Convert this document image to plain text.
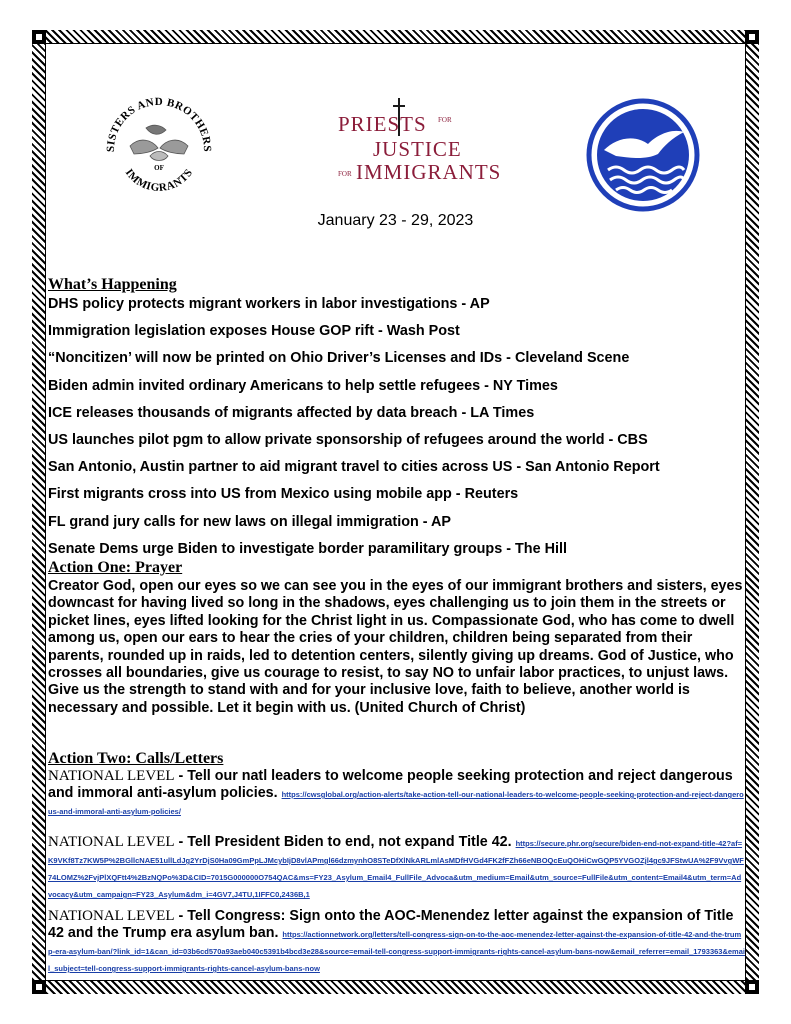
SISTERS AND BROTHERS
IMMIGRANTS
OF
PRIESTS FOR
JUSTICE
FOR IMMIGRANTS
January 23 - 29, 2023
What’s Happening
DHS policy protects migrant workers in labor investigations - AP
Immigration legislation exposes House GOP rift - Wash Post
“Noncitizen’ will now be printed on Ohio Driver’s Licenses and IDs - Cleveland Scene
Biden admin invited ordinary Americans to help settle refugees - NY Times
ICE releases thousands of migrants affected by data breach - LA Times
US launches pilot pgm to allow private sponsorship of refugees around the world - CBS
San Antonio, Austin partner to aid migrant travel to cities across US - San Antonio Report
First migrants cross into US from Mexico using mobile app - Reuters
FL grand jury calls for new laws on illegal immigration - AP
Senate Dems urge Biden to investigate border paramilitary groups - The Hill
Action One: Prayer

Creator God, open our eyes so we can see you in the eyes of our immigrant brothers and sisters, eyes downcast for having lived so long in the shadows, eyes challenging us to join them in the streets or picket lines, eyes lifted looking for the Christ light in us. Compassionate God, who has come to dwell among us, open our ears to hear the cries of your children, children being separated from their parents, rounded up in raids, led to detention centers, silently giving up dreams. God of Justice, who crosses all boundaries, give us courage to resist, to say NO to unfair labor practices, to unjust laws. Give us the strength to stand with and for your inclusive love, faith to believe, another world is necessary and possible. Let it begin with us. (United Church of Christ)

Action Two: Calls/Letters
NATIONAL LEVEL - Tell our natl leaders to welcome people seeking protection and reject dangerous and immoral anti-asylum policies. https://cwsglobal.org/action-alerts/take-action-tell-our-national-leaders-to-welcome-people-seeking-protection-and-reject-dangerous-and-immoral-anti-asylum-policies/
NATIONAL LEVEL - Tell President Biden to end, not expand Title 42. https://secure.phr.org/secure/biden-end-not-expand-title-42?af=K9VKf8Tz7KW5P%2BGllcNAE51ullLdJg2YrDjS0Ha09GmPpLJMcybIjD8vlAPmgl66dzmynhO8STeDfXlNkARLmlAsMDfHVGd4FK2fFZh66eNBOQcEuQOHiCwGQP5YVGOZjl4gc9JFStwUA%2F9VvgWF74LOMZ%2FvjPlXQFtt4%2BzNQPo%3D&CID=7015G000000O754QAC&ms=FY23_Asylum_Email4_FullFile_Advoca&utm_medium=Email&utm_source=FullFile&utm_content=Email4&utm_term=Advocacy&utm_campaign=FY23_Asylum&dm_i=4GV7,J4TU,1IFFC0,2436B,1
NATIONAL LEVEL - Tell Congress: Sign onto the AOC-Menendez letter against the expansion of Title 42 and the Trump era asylum ban. https://actionnetwork.org/letters/tell-congress-sign-on-to-the-aoc-menendez-letter-against-the-expansion-of-title-42-and-the-trump-era-asylum-ban/?link_id=1&can_id=03b6cd570a93aeb040c5391b4bcd3e28&source=email-tell-congress-support-immigrants-rights-cancel-asylum-bans-now&email_referrer=email_1793363&email_subject=tell-congress-support-immigrants-rights-cancel-asylum-bans-now
